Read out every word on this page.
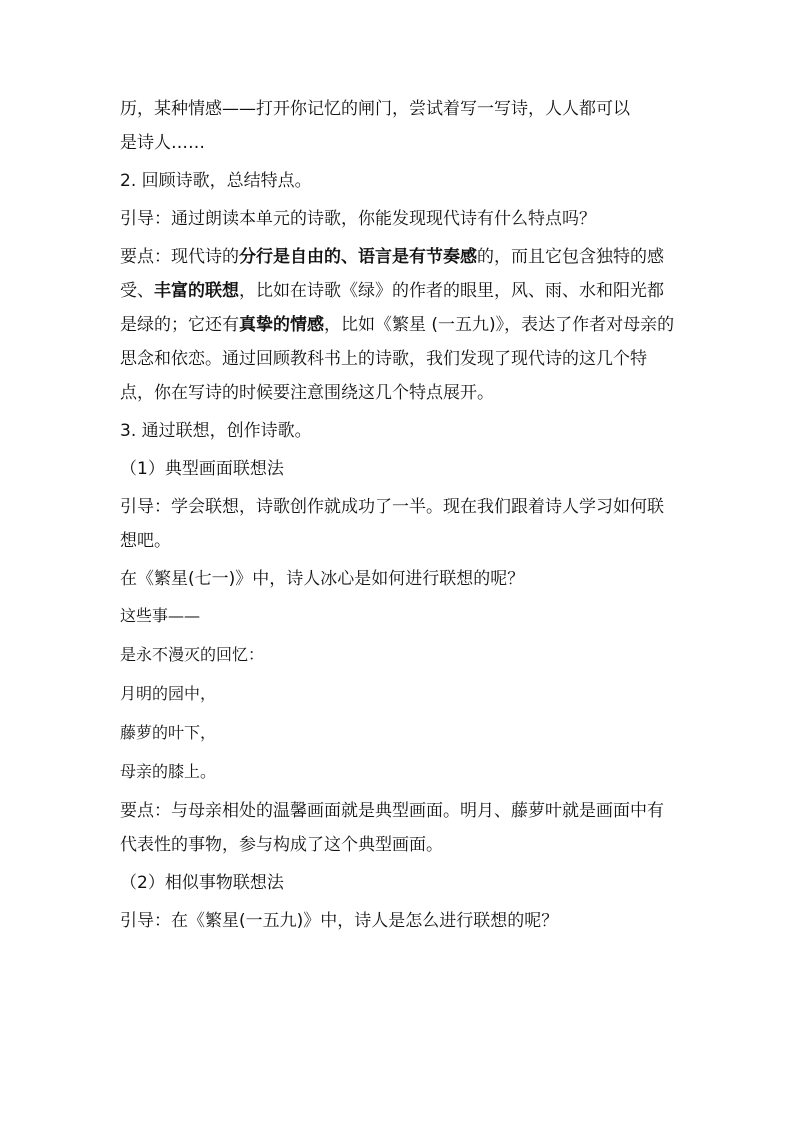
历，某种情感——打开你记忆的闸门，尝试着写一写诗，人人都可以
是诗人……
2. 回顾诗歌，总结特点。
引导：通过朗读本单元的诗歌，你能发现现代诗有什么特点吗？
要点：现代诗的分行是自由的、语言是有节奏感的，而且它包含独特的感受、丰富的联想，比如在诗歌《绿》的作者的眼里，风、雨、水和阳光都是绿的；它还有真挚的情感，比如《繁星 (一五九)》，表达了作者对母亲的思念和依恋。通过回顾教科书上的诗歌，我们发现了现代诗的这几个特点，你在写诗的时候要注意围绕这几个特点展开。
3. 通过联想，创作诗歌。
（1）典型画面联想法
引导：学会联想，诗歌创作就成功了一半。现在我们跟着诗人学习如何联想吧。
在《繁星(七一)》中，诗人冰心是如何进行联想的呢？
这些事——
是永不漫灭的回忆：
月明的园中，
藤萝的叶下，
母亲的膝上。
要点：与母亲相处的温馨画面就是典型画面。明月、藤萝叶就是画面中有代表性的事物，参与构成了这个典型画面。
（2）相似事物联想法
引导：在《繁星(一五九)》中，诗人是怎么进行联想的呢？
